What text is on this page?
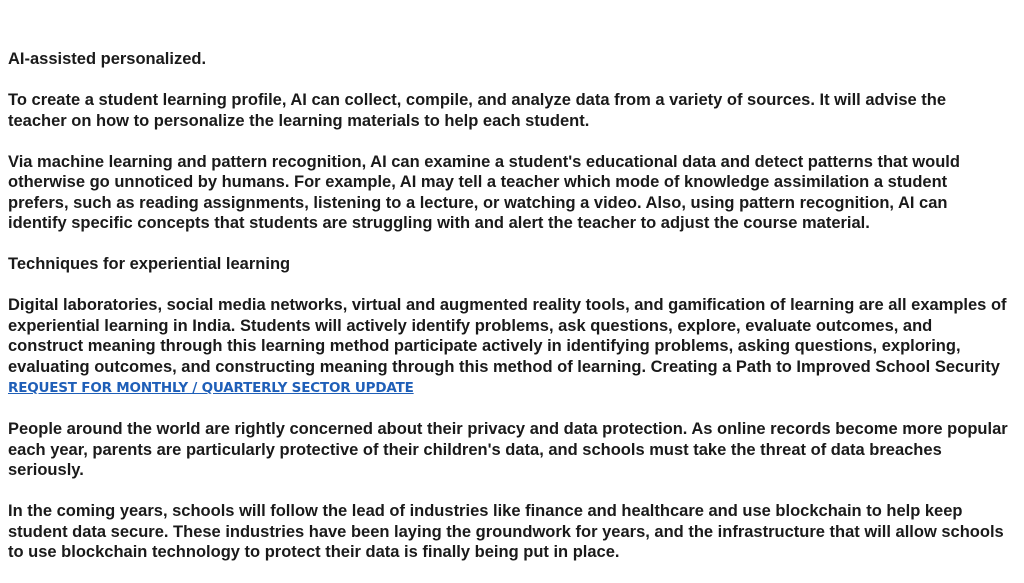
AI-assisted personalized.

To create a student learning profile, AI can collect, compile, and analyze data from a variety of sources. It will advise the teacher on how to personalize the learning materials to help each student.

Via machine learning and pattern recognition, AI can examine a student's educational data and detect patterns that would otherwise go unnoticed by humans. For example, AI may tell a teacher which mode of knowledge assimilation a student prefers, such as reading assignments, listening to a lecture, or watching a video. Also, using pattern recognition, AI can identify specific concepts that students are struggling with and alert the teacher to adjust the course material.

Techniques for experiential learning

Digital laboratories, social media networks, virtual and augmented reality tools, and gamification of learning are all examples of experiential learning in India. Students will actively identify problems, ask questions, explore, evaluate outcomes, and construct meaning through this learning method participate actively in identifying problems, asking questions, exploring, evaluating outcomes, and constructing meaning through this method of learning. Creating a Path to Improved School Security REQUEST FOR MONTHLY / QUARTERLY SECTOR UPDATE

People around the world are rightly concerned about their privacy and data protection. As online records become more popular each year, parents are particularly protective of their children's data, and schools must take the threat of data breaches seriously.

In the coming years, schools will follow the lead of industries like finance and healthcare and use blockchain to help keep student data secure. These industries have been laying the groundwork for years, and the infrastructure that will allow schools to use blockchain technology to protect their data is finally being put in place.
